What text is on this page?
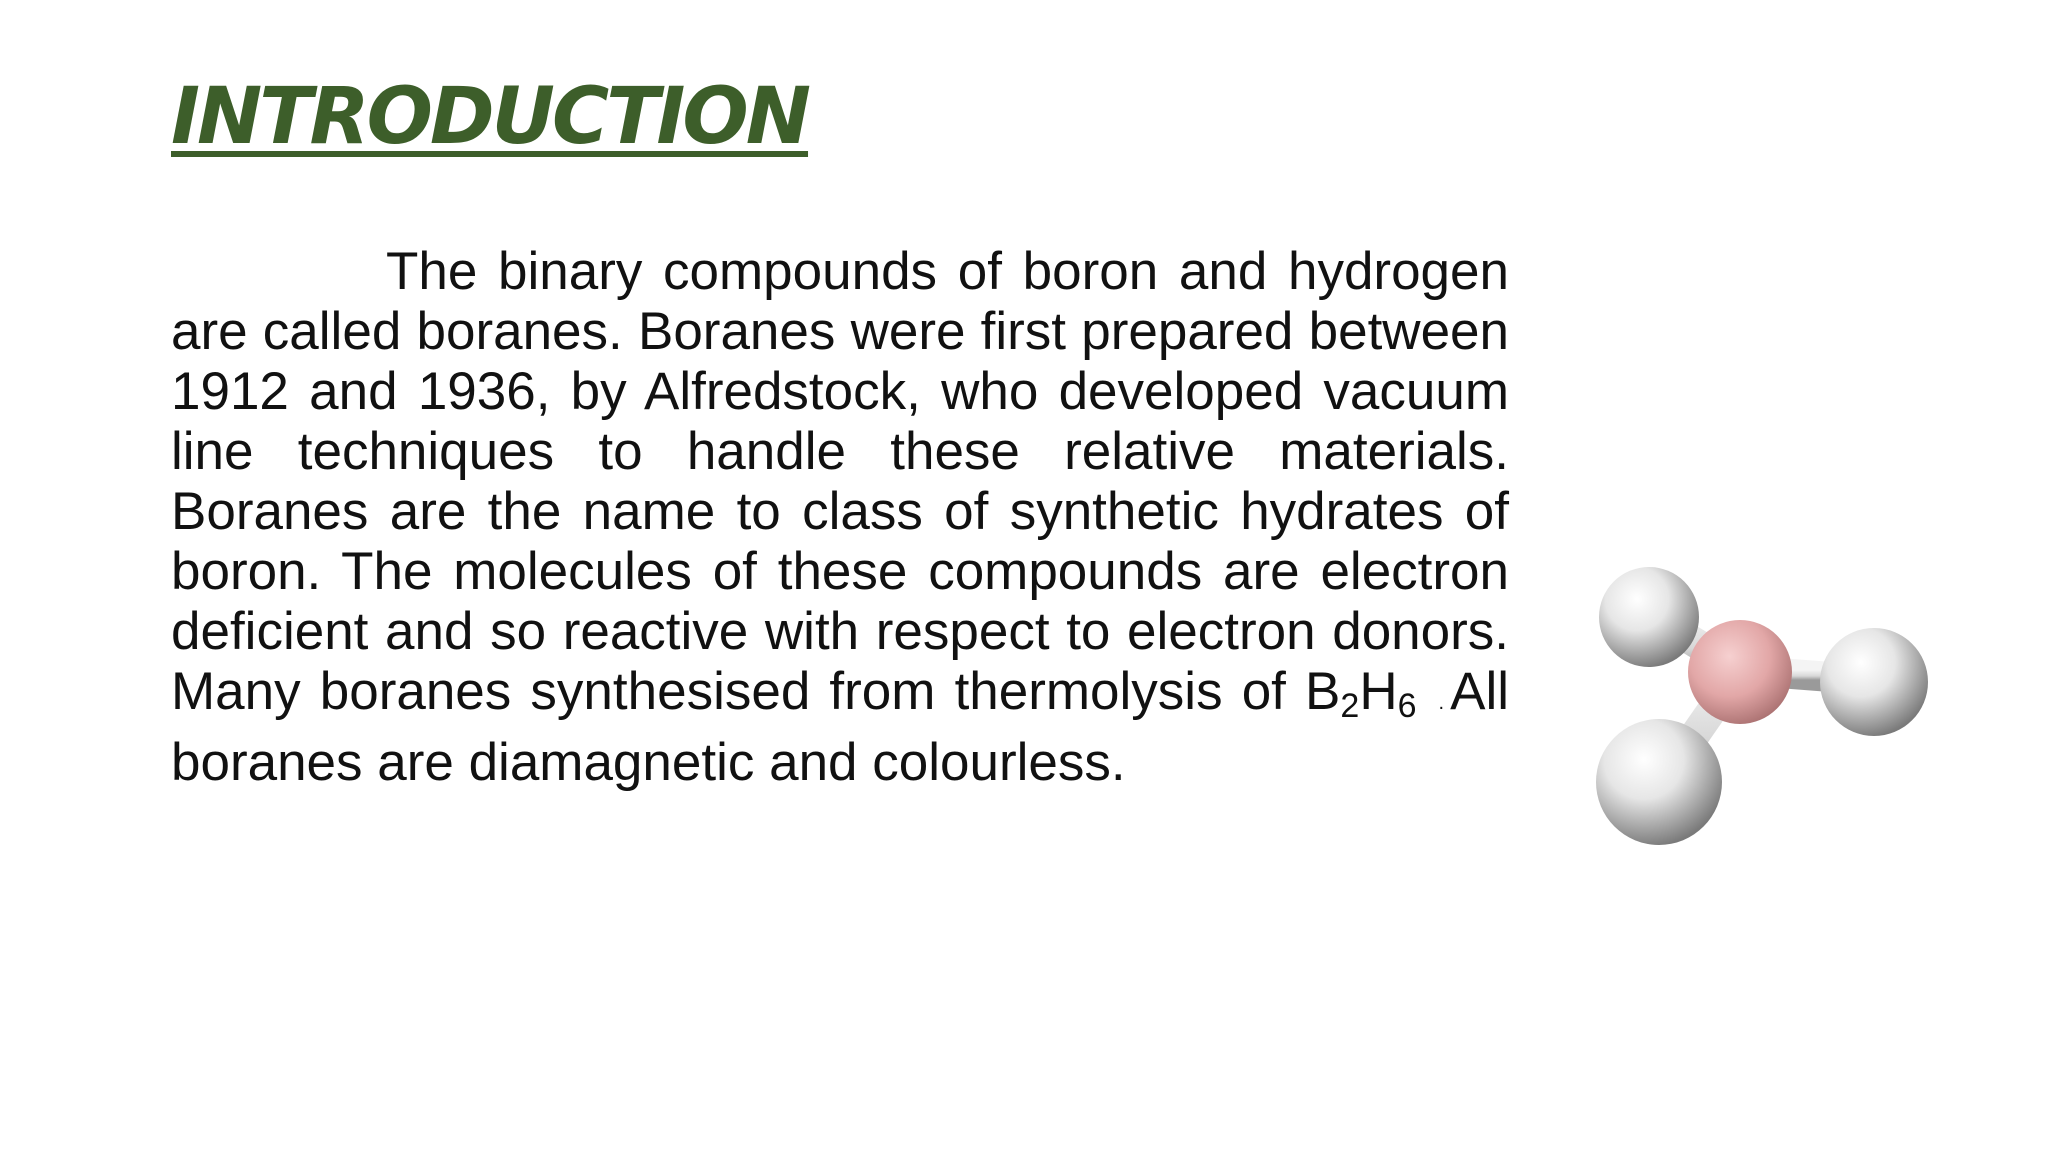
INTRODUCTION

The binary compounds of boron and hydrogen are called boranes. Boranes were first prepared between 1912 and 1936, by Alfredstock, who developed vacuum line techniques to handle these relative materials. Boranes are the name to class of synthetic hydrates of boron. The molecules of these compounds are electron deficient and so reactive with respect to electron donors. Many boranes synthesised from thermolysis of $B_2H_6$ . All boranes are diamagnetic and colourless.
